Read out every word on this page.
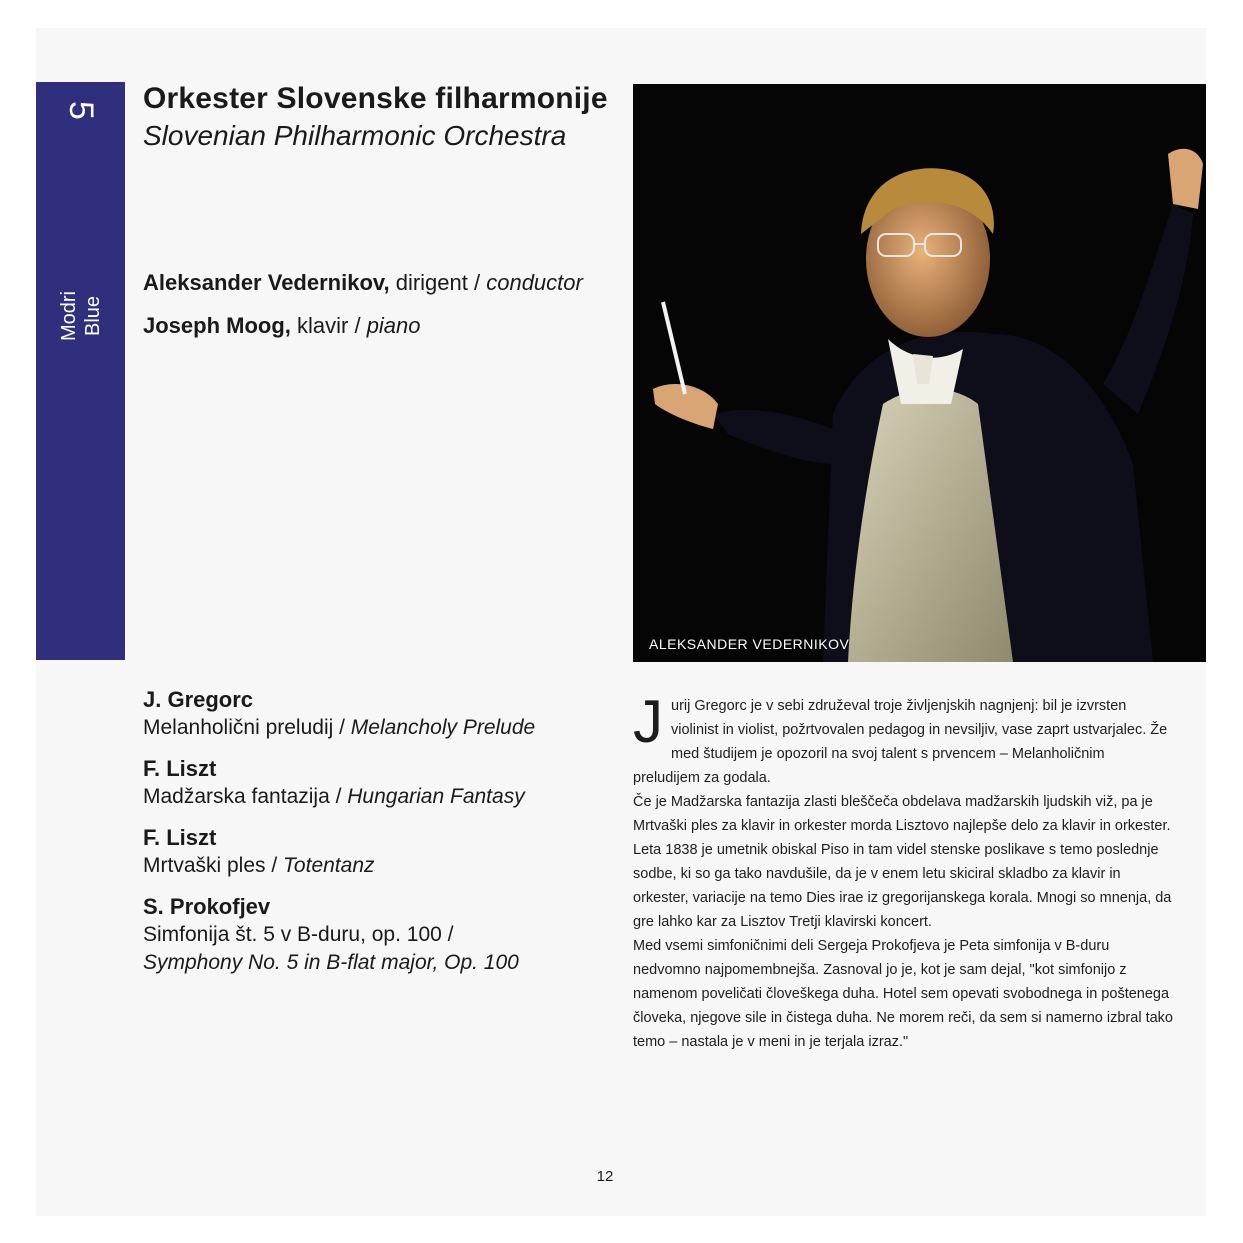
5
Modri Blue
Orkester Slovenske filharmonije
Slovenian Philharmonic Orchestra
Aleksander Vedernikov, dirigent / conductor
Joseph Moog, klavir / piano
J. Gregorc
Melanholični preludij / Melancholy Prelude
F. Liszt
Madžarska fantazija / Hungarian Fantasy
F. Liszt
Mrtvaški ples / Totentanz
S. Prokofjev
Simfonija št. 5 v B-duru, op. 100 / Symphony No. 5 in B-flat major, Op. 100
ALEKSANDER VEDERNIKOV

Jurij Gregorc je v sebi združeval troje življenjskih nagnjenj: bil je izvrsten violinist in violist, požrtvovalen pedagog in nevsiljiv, vase zaprt ustvarjalec. Že med študijem je opozoril na svoj talent s prvencem – Melanholičnim preludijem za godala.

Če je Madžarska fantazija zlasti bleščeča obdelava madžarskih ljudskih viž, pa je Mrtvaški ples za klavir in orkester morda Lisztovo najlepše delo za klavir in orkester. Leta 1838 je umetnik obiskal Piso in tam videl stenske poslikave s temo poslednje sodbe, ki so ga tako navdušile, da je v enem letu skiciral skladbo za klavir in orkester, variacije na temo Dies irae iz gregorijanskega korala. Mnogi so mnenja, da gre lahko kar za Lisztov Tretji klavirski koncert.

Med vsemi simfoničnimi deli Sergeja Prokofjeva je Peta simfonija v B-duru nedvomno najpomembnejša. Zasnoval jo je, kot je sam dejal, "kot simfonijo z namenom poveličati človeškega duha. Hotel sem opevati svobodnega in poštenega človeka, njegove sile in čistega duha. Ne morem reči, da sem si namerno izbral tako temo – nastala je v meni in je terjala izraz."

12
